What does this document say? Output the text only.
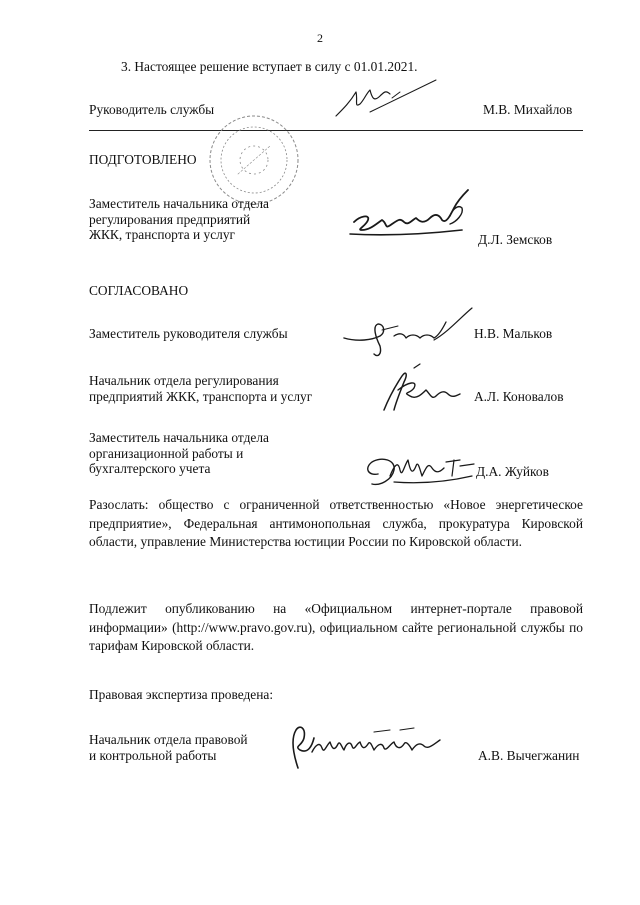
2
3. Настоящее решение вступает в силу с 01.01.2021.
Руководитель службы	М.В. Михайлов
ПОДГОТОВЛЕНО
Заместитель начальника отдела
регулирования предприятий
ЖКК, транспорта и услуг	Д.Л. Земсков
СОГЛАСОВАНО
Заместитель руководителя службы	Н.В. Мальков
Начальник отдела регулирования
предприятий ЖКК, транспорта и услуг	А.Л. Коновалов
Заместитель начальника отдела
организационной работы и
бухгалтерского учета	Д.А. Жуйков
Разослать: общество с ограниченной ответственностью «Новое энергетическое предприятие», Федеральная антимонопольная служба, прокуратура Кировской области, управление Министерства юстиции России по Кировской области.
Подлежит опубликованию на «Официальном интернет-портале правовой информации» (http://www.pravo.gov.ru), официальном сайте региональной службы по тарифам Кировской области.
Правовая экспертиза проведена:
Начальник отдела правовой
и контрольной работы	А.В. Вычегжанин
